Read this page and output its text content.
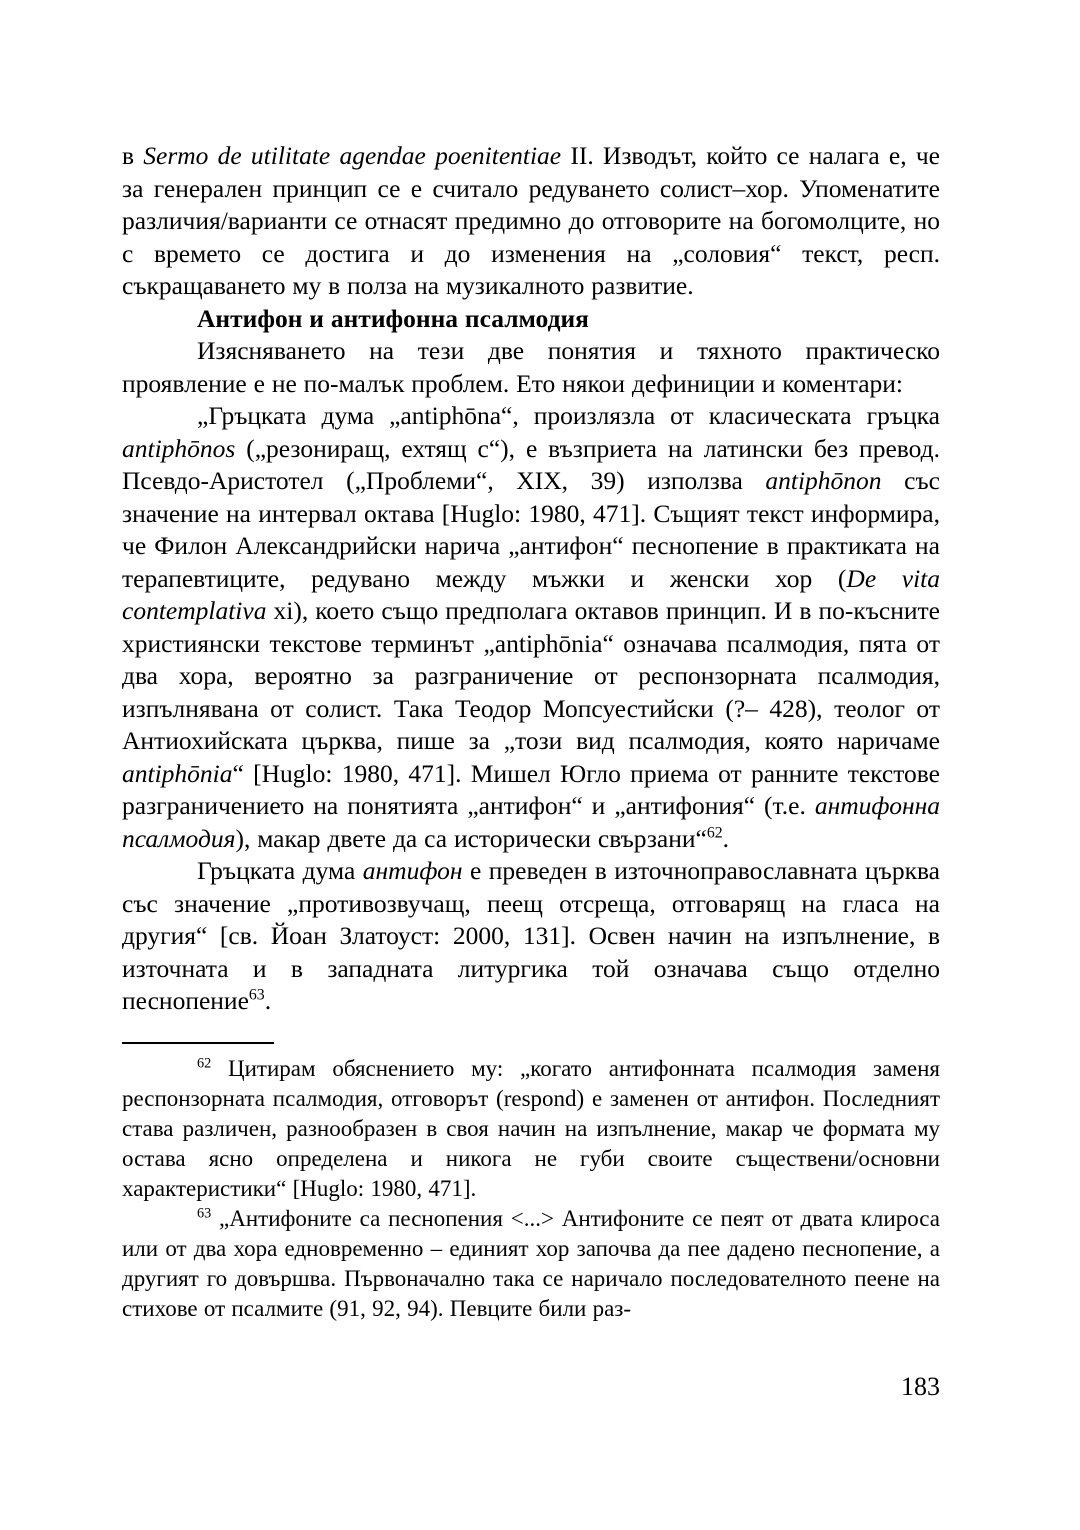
в Sermo de utilitate agendae poenitentiae II. Изводът, който се налага е, че за генерален принцип се е считало редуването солист–хор. Упоменатите различия/варианти се отнасят предимно до отговорите на богомолците, но с времето се достига и до изменения на „соловия“ текст, респ. съкращаването му в полза на музикалното развитие.

Антифон и антифонна псалмодия

Изясняването на тези две понятия и тяхното практическо проявление е не по-малък проблем. Ето някои дефиниции и коментари:

„Гръцката дума „antiphōna“, произлязла от класическата гръцка antiphōnos („резониращ, ехтящ с“), е възприета на латински без превод. Псевдо-Аристотел („Проблеми“, XIX, 39) използва antiphōnon със значение на интервал октава [Huglo: 1980, 471]. Същият текст информира, че Филон Александрийски нарича „антифон“ песнопение в практиката на терапевтиците, редувано между мъжки и женски хор (De vita contemplativa xi), което също предполага октавов принцип. И в по-късните християнски текстове терминът „antiphōnia“ означава псалмодия, пята от два хора, вероятно за разграничение от респонзорната псалмодия, изпълнявана от солист. Така Теодор Мопсуестийски (?– 428), теолог от Антиохийската църква, пише за „този вид псалмодия, която наричаме antiphōnia“ [Huglo: 1980, 471]. Мишел Югло приема от ранните текстове разграничението на понятията „антифон“ и „антифония“ (т.е. антифонна псалмодия), макар двете да са исторически свързани“$^{62}$.

Гръцката дума антифон е преведен в източноправославната църква със значение „противозвучащ, пеещ отсреща, отговарящ на гласа на другия“ [св. Йоан Златоуст: 2000, 131]. Освен начин на изпълнение, в източната и в западната литургика той означава също отделно песнопение$^{63}$.

$^{62}$ Цитирам обяснението му: „когато антифонната псалмодия заменя респонзорната псалмодия, отговорът (respond) е заменен от антифон. Последният става различен, разнообразен в своя начин на изпълнение, макар че формата му остава ясно определена и никога не губи своите съществени/основни характеристики“ [Huglo: 1980, 471].

$^{63}$ „Антифоните са песнопения <...> Антифоните се пеят от двата клироса или от два хора едновременно – единият хор започва да пее дадено песнопение, а другият го довършва. Първоначално така се наричало последователното пеене на стихове от псалмите (91, 92, 94). Певците били раз-

183
